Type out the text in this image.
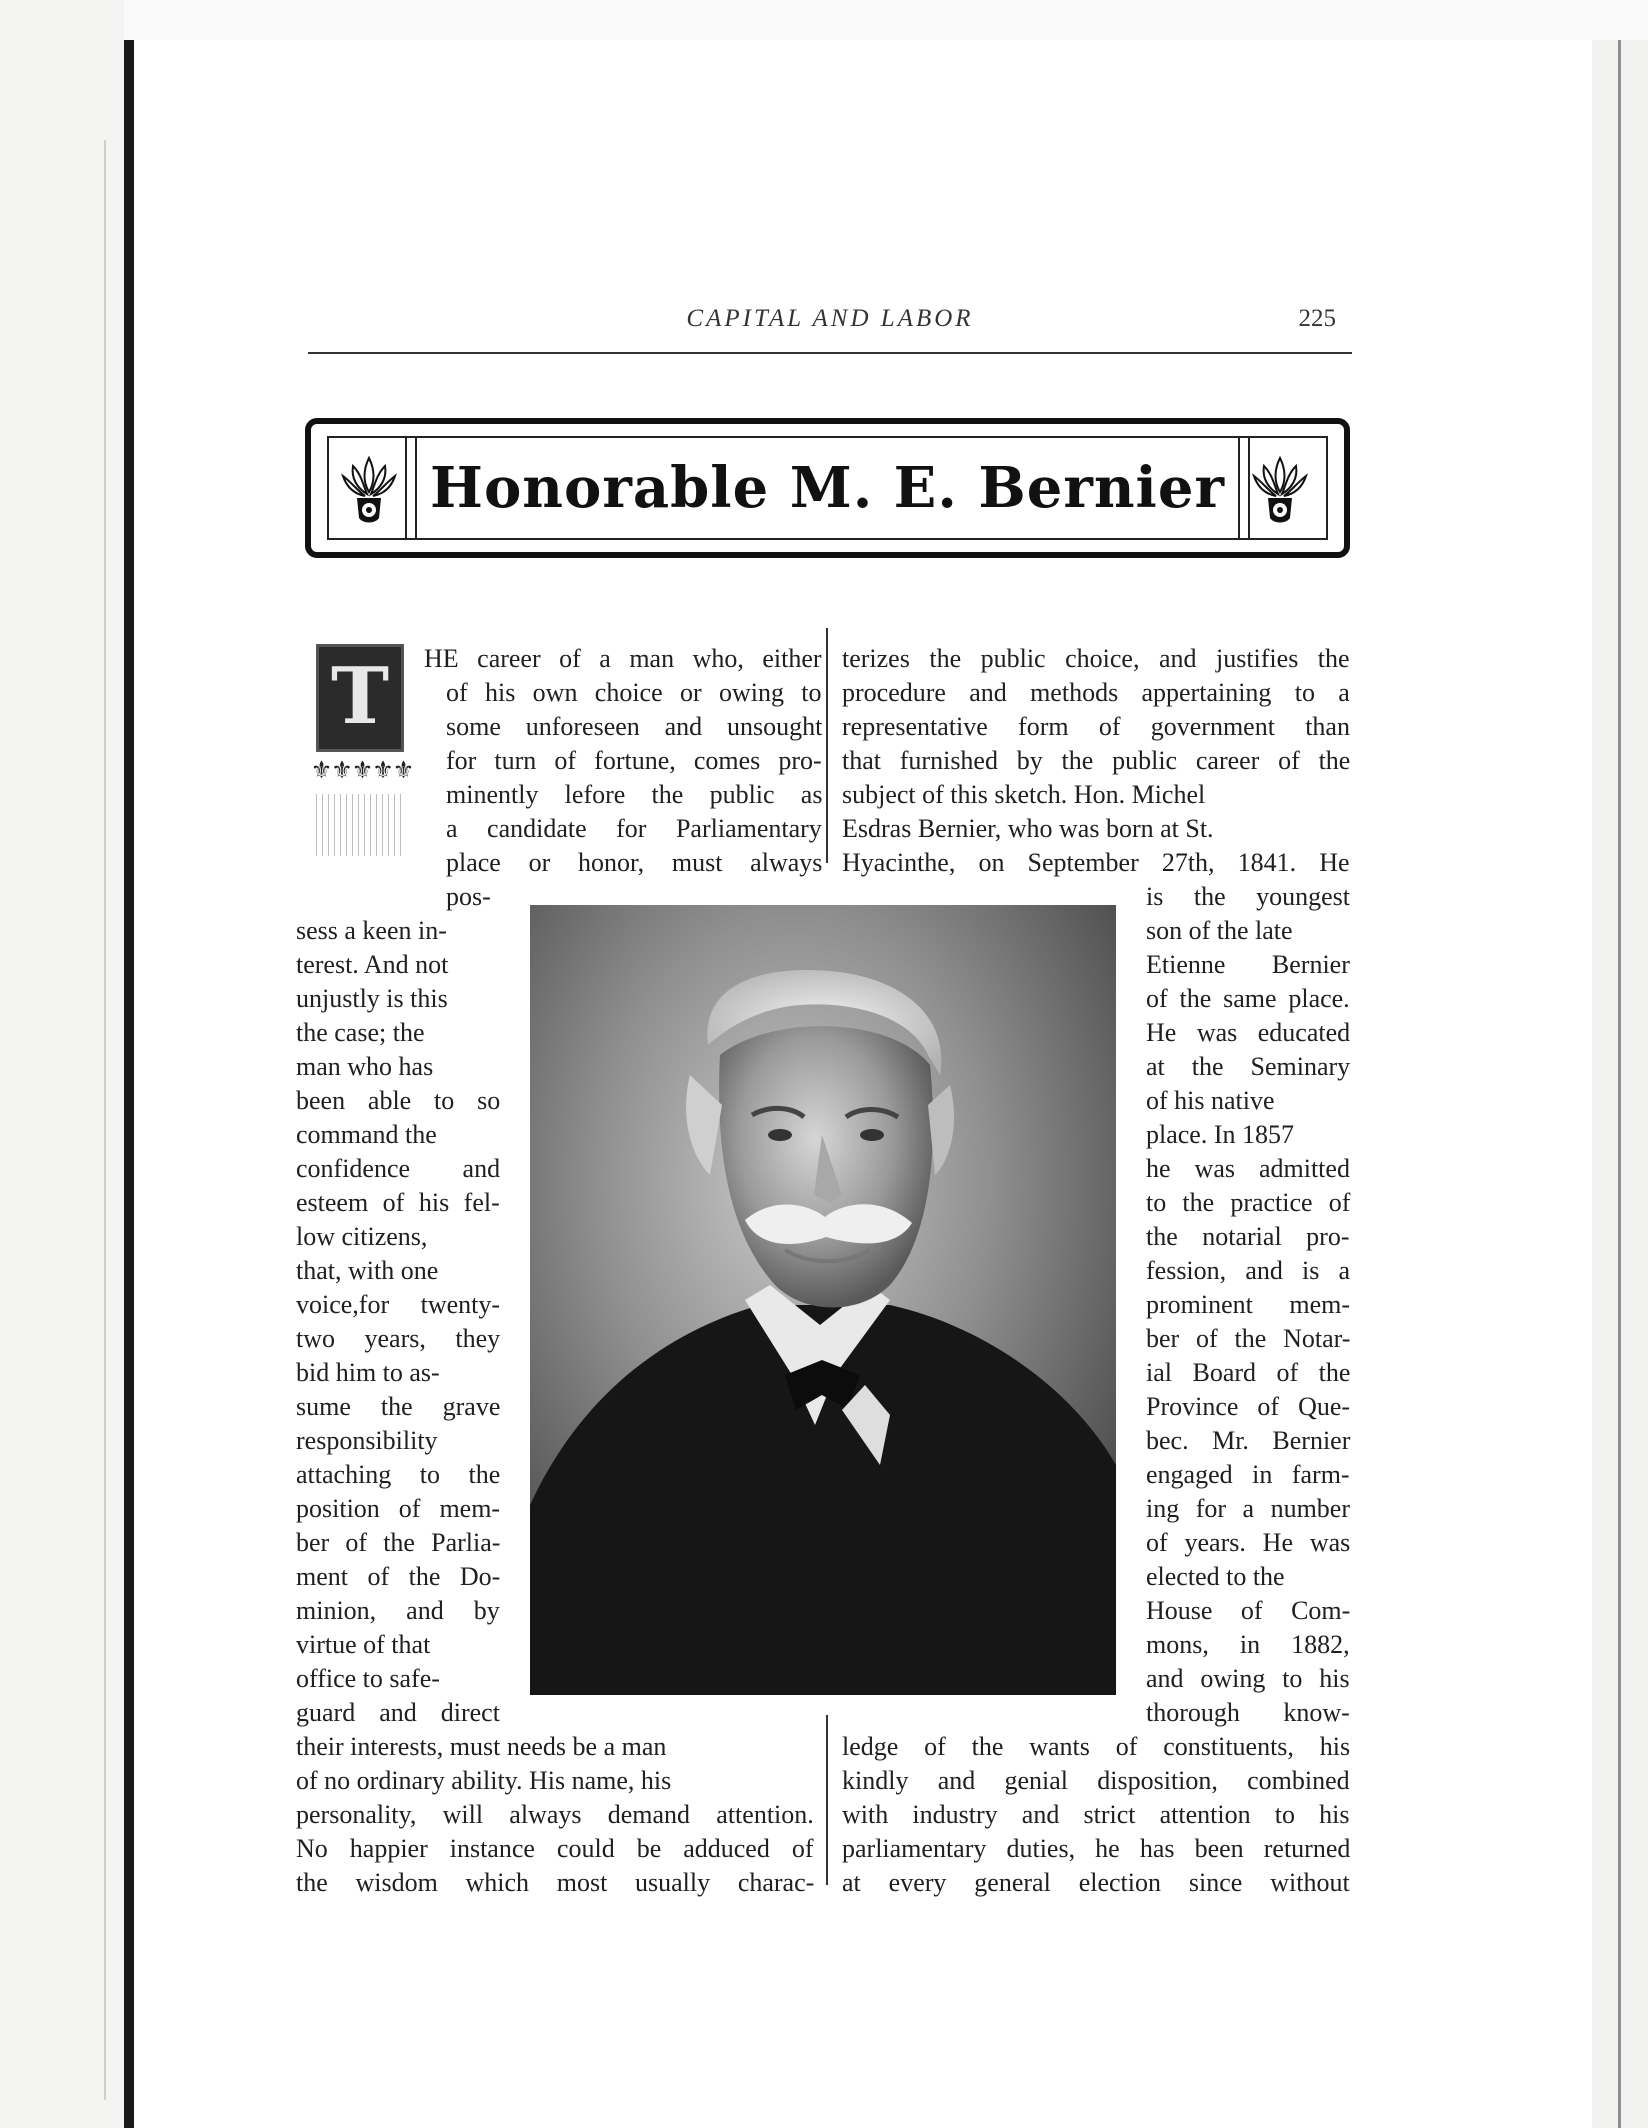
CAPITAL AND LABOR	225
Honorable M. E. Bernier
T
⚜⚜⚜⚜⚜
HE career of a man who, either
of his own choice or owing to
some unforeseen and unsought
for turn of fortune, comes pro-
minently lefore the public as
a candidate for Parliamentary
place or honor, must always
pos-
sess a keen in-
terest. And not
unjustly is this
the case; the
man who has
been able to so
command the
confidence and
esteem of his fel-
low citizens,
that, with one
voice,for twenty-
two years, they
bid him to as-
sume the grave
responsibility
attaching to the
position of mem-
ber of the Parlia-
ment of the Do-
minion, and by
virtue of that
office to safe-
guard and direct
their interests, must needs be a man
of no ordinary ability. His name, his
personality, will always demand attention.
No happier instance could be adduced of
the wisdom which most usually charac-
terizes the public choice, and justifies the
procedure and methods appertaining to a
representative form of government than
that furnished by the public career of the
subject of this sketch. Hon. Michel
Esdras Bernier, who was born at St.
Hyacinthe, on September 27th, 1841. He
is the youngest
son of the late
Etienne Bernier
of the same place.
He was educated
at the Seminary
of his native
place. In 1857
he was admitted
to the practice of
the notarial pro-
fession, and is a
prominent mem-
ber of the Notar-
ial Board of the
Province of Que-
bec. Mr. Bernier
engaged in farm-
ing for a number
of years. He was
elected to the
House of Com-
mons, in 1882,
and owing to his
thorough know-
ledge of the wants of constituents, his
kindly and genial disposition, combined
with industry and strict attention to his
parliamentary duties, he has been returned
at every general election since without
